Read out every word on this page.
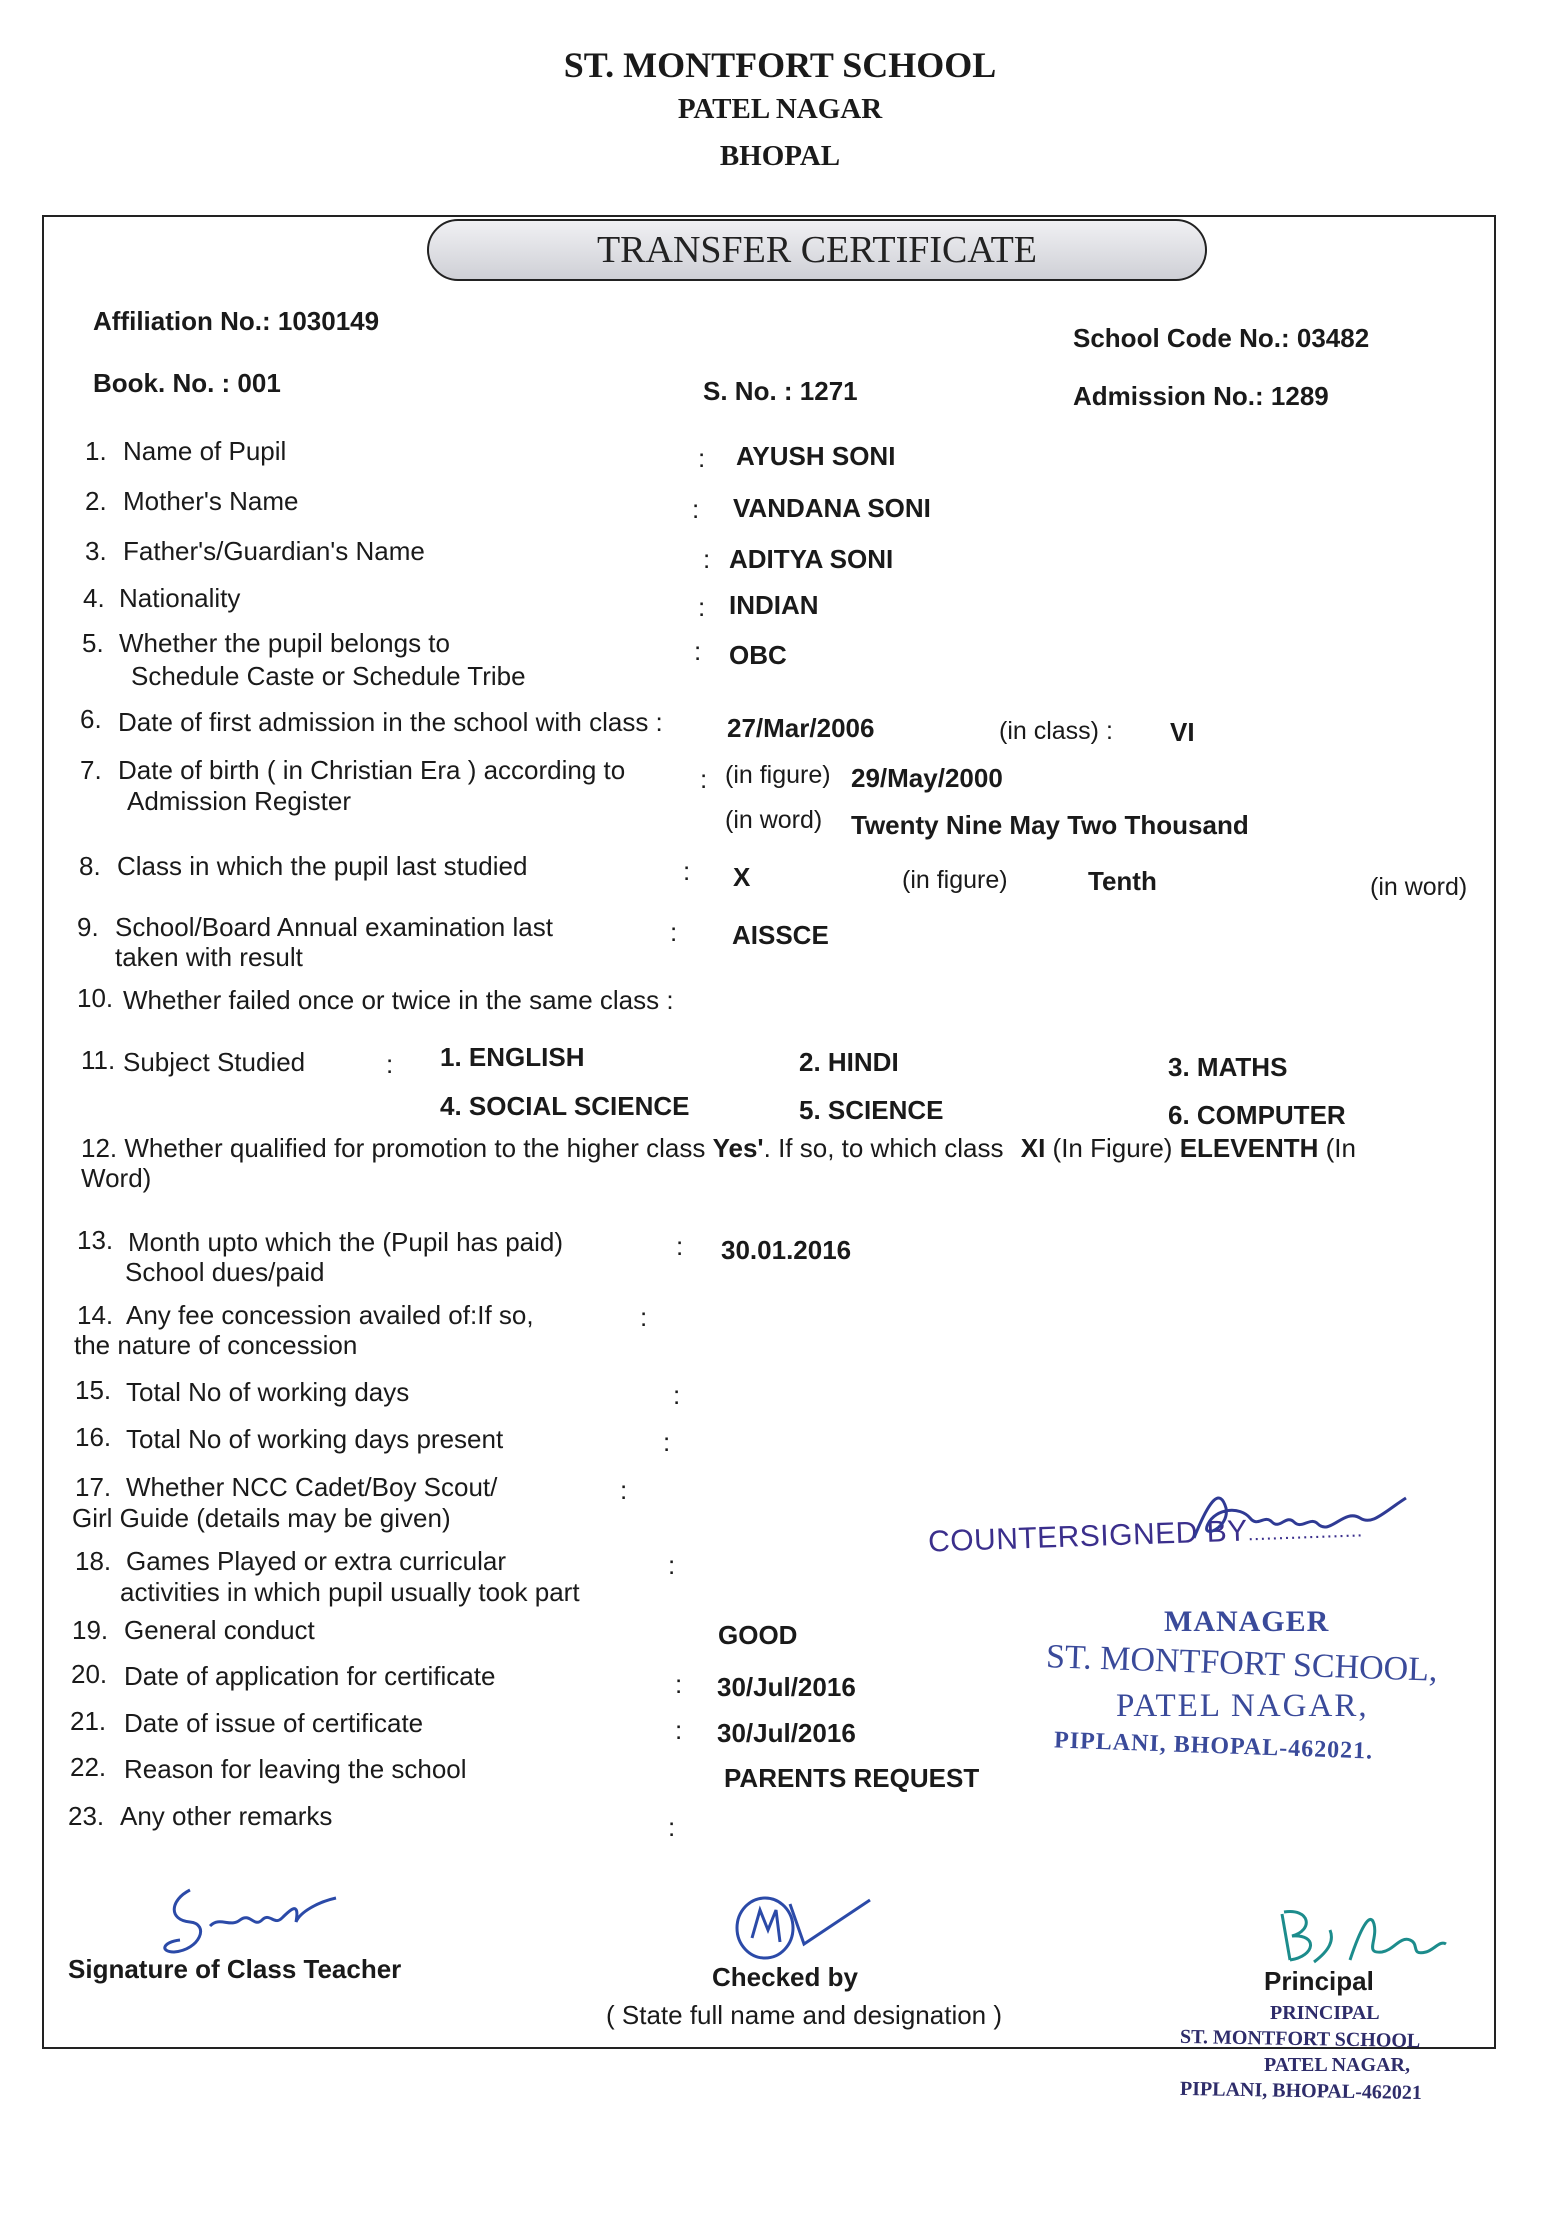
ST. MONTFORT SCHOOL
PATEL NAGAR
BHOPAL
TRANSFER CERTIFICATE
Affiliation No.: 1030149
School Code No.: 03482
Book. No. : 001	S. No. : 1271	Admission No.: 1289
1. Name of Pupil	: AYUSH SONI
2. Mother's Name	: VANDANA SONI
3. Father's/Guardian's Name	: ADITYA SONI
4. Nationality	: INDIAN
5. Whether the pupil belongs to
Schedule Caste or Schedule Tribe
: OBC
6. Date of first admission in the school with class : 27/Mar/2006	(in class) : VI
7. Date of birth ( in Christian Era ) according to
Admission Register
: (in figure) 29/May/2000
(in word) Twenty Nine May Two Thousand
8. Class in which the pupil last studied	: X	(in figure)	Tenth	(in word)
9. School/Board Annual examination last
taken with result
: AISSCE
10. Whether failed once or twice in the same class :
11. Subject Studied	: 1. ENGLISH	2. HINDI	3. MATHS
4. SOCIAL SCIENCE	5. SCIENCE	6. COMPUTER
12. Whether qualified for promotion to the higher class Yes'. If so, to which class XI (In Figure) ELEVENTH (In
Word)
13. Month upto which the (Pupil has paid)
School dues/paid
: 30.01.2016
14. Any fee concession availed of:If so,
the nature of concession
:
15. Total No of working days	:
16. Total No of working days present	:
17. Whether NCC Cadet/Boy Scout/
Girl Guide (details may be given)
:
18. Games Played or extra curricular
activities in which pupil usually took part
:
19. General conduct	GOOD
20. Date of application for certificate	: 30/Jul/2016
21. Date of issue of certificate	: 30/Jul/2016
22. Reason for leaving the school	PARENTS REQUEST
23. Any other remarks	:
COUNTERSIGNED BY...................
MANAGER
ST. MONTFORT SCHOOL,
PATEL NAGAR,
PIPLANI, BHOPAL-462021.
Signature of Class Teacher	Checked by
( State full name and designation )
Principal
PRINCIPAL
ST. MONTFORT SCHOOL
PATEL NAGAR,
PIPLANI, BHOPAL-462021
